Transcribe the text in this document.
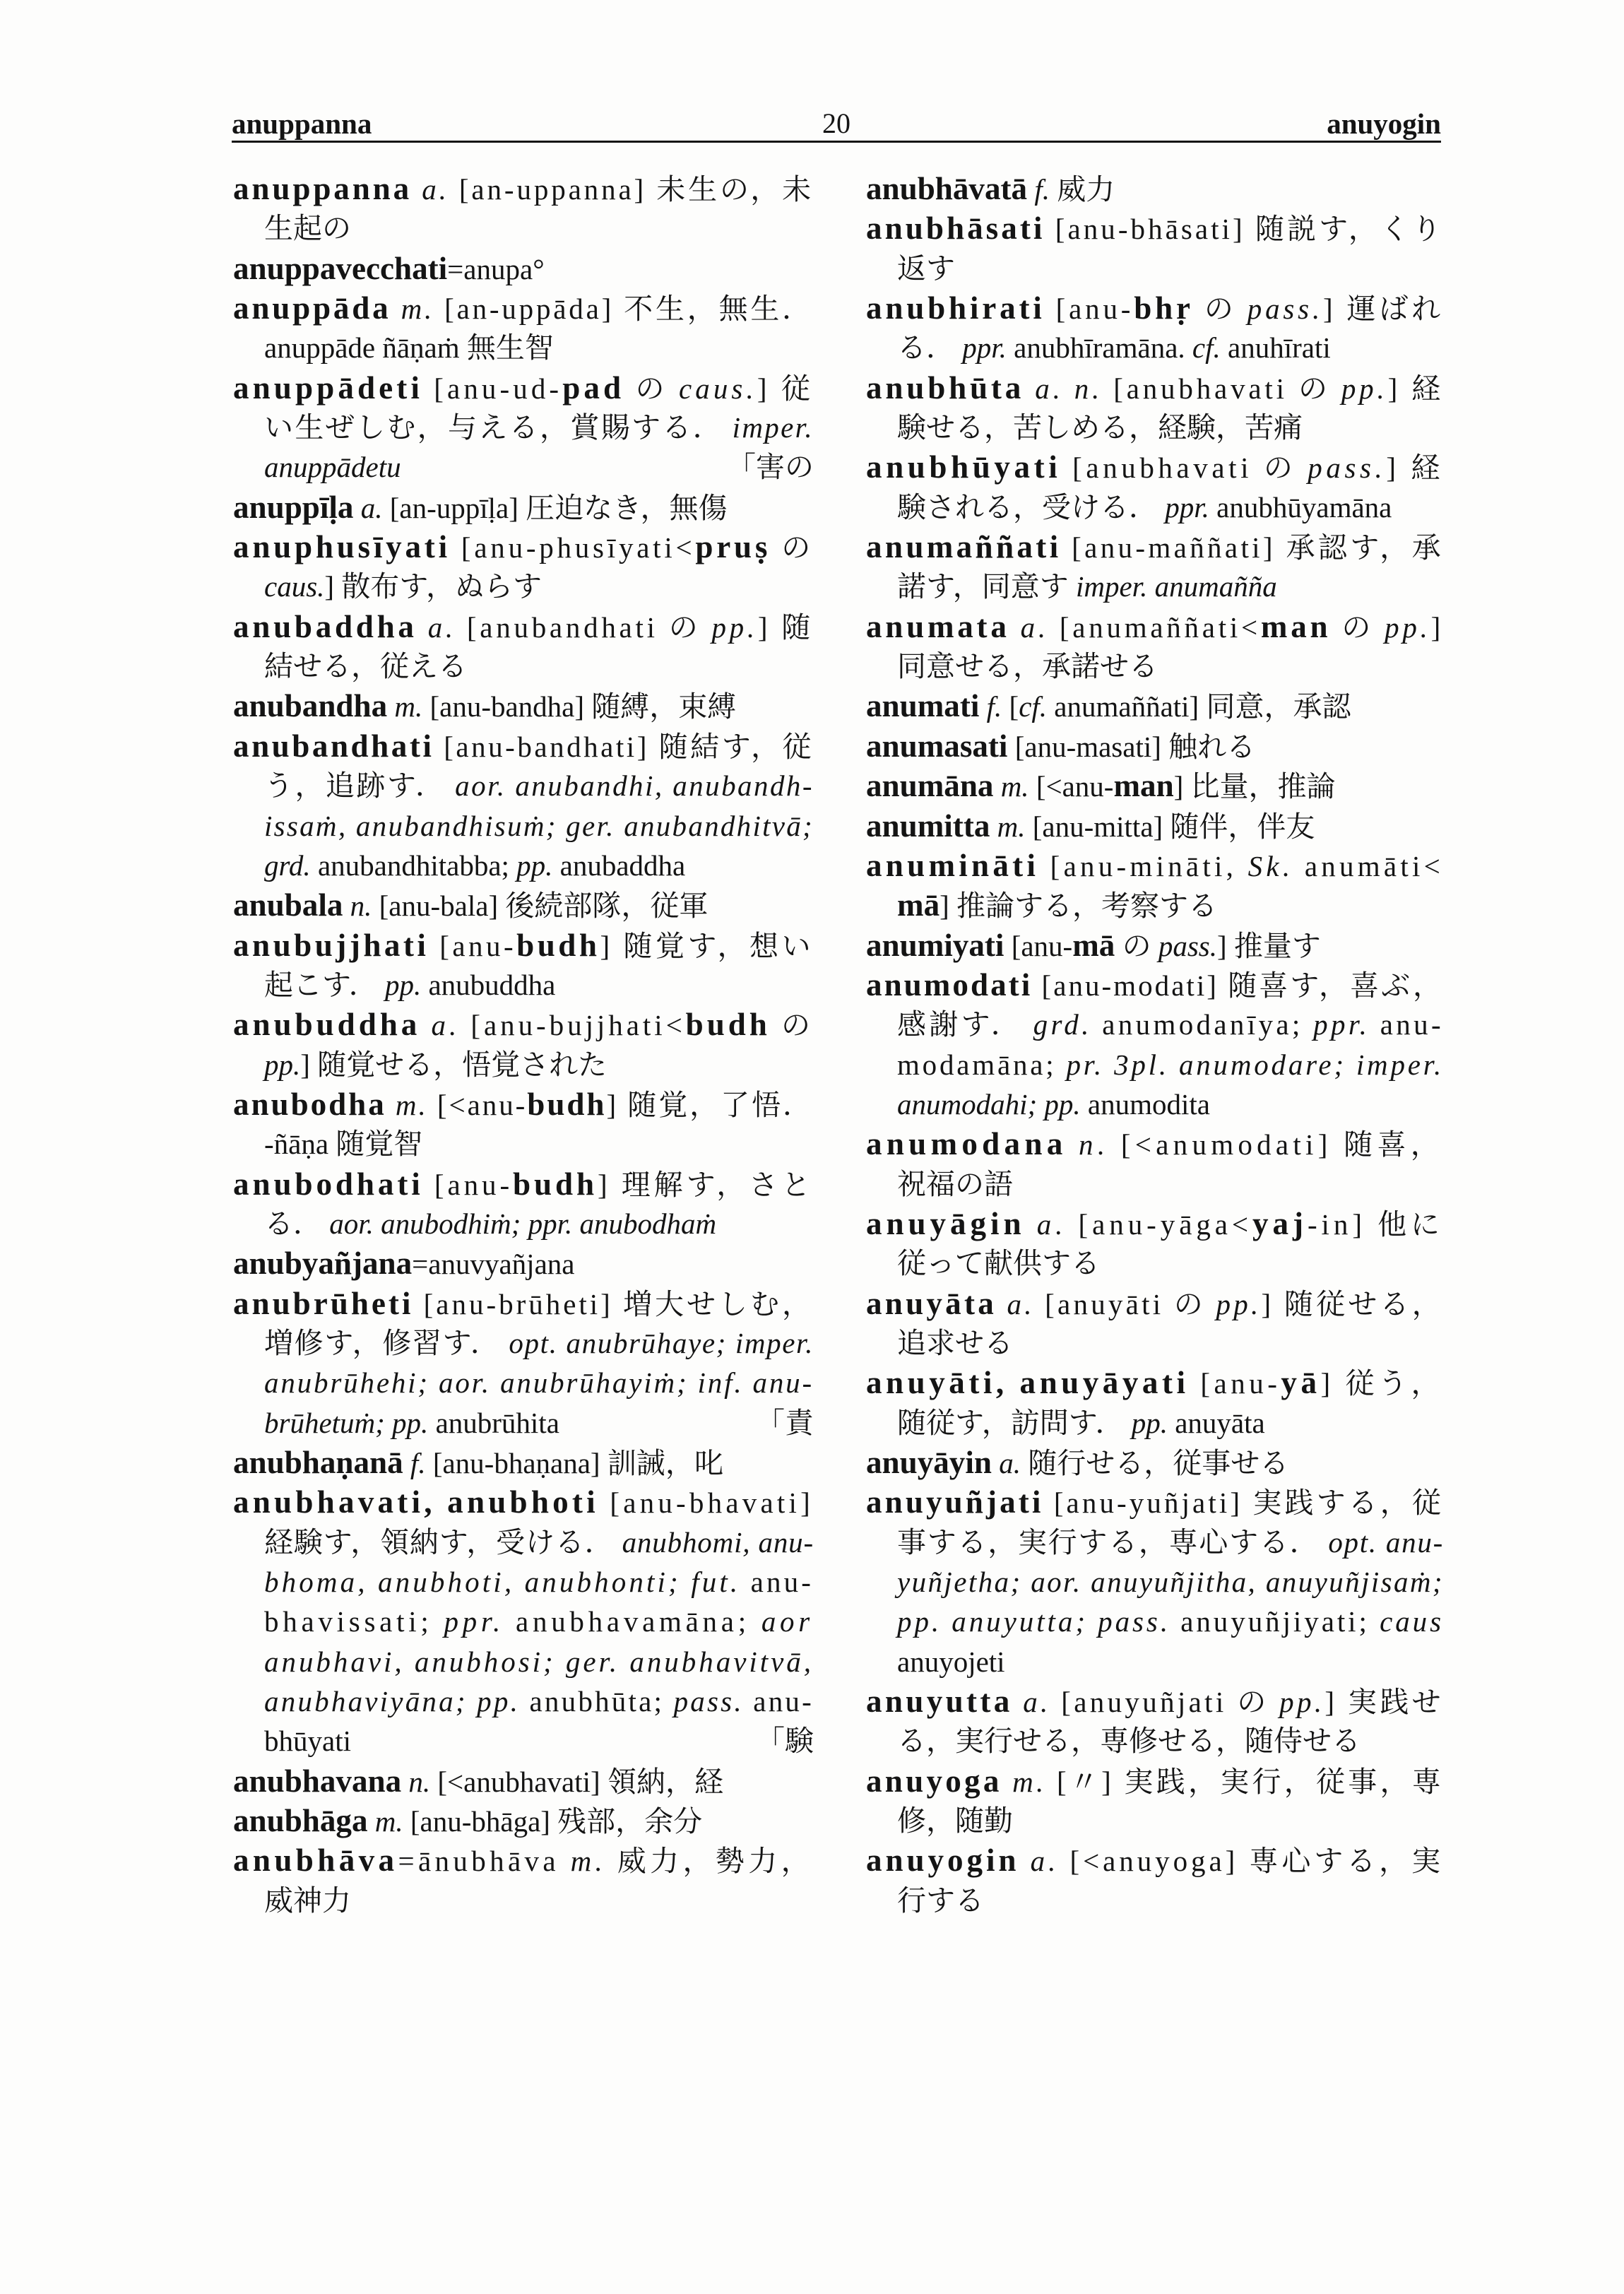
anuppanna	20	anuyogin
anuppanna a. [an-uppanna] 未生の，未
生起の
anuppavecchati=anupa°
anuppāda m. [an-uppāda] 不生，無生．
anuppāde ñāṇaṁ 無生智
anuppādeti [anu-ud-pad の caus.] 従
い生ぜしむ，与える，賞賜する． imper.
anuppādetu	「害の
anuppīḷa a. [an-uppīḷa] 圧迫なき，無傷
anuphusīyati [anu-phusīyati<pruṣ の
caus.] 散布す，ぬらす
anubaddha a. [anubandhati の pp.] 随
結せる，従える
anubandha m. [anu-bandha] 随縛，束縛
anubandhati [anu-bandhati] 随結す，従
う，追跡す． aor. anubandhi, anubandh-
issaṁ, anubandhisuṁ; ger. anubandhitvā;
grd. anubandhitabba; pp. anubaddha
anubala n. [anu-bala] 後続部隊，従軍
anubujjhati [anu-budh] 随覚す，想い
起こす． pp. anubuddha
anubuddha a. [anu-bujjhati<budh の
pp.] 随覚せる，悟覚された
anubodha m. [<anu-budh] 随覚，了悟．
-ñāṇa 随覚智
anubodhati [anu-budh] 理解す，さと
る． aor. anubodhiṁ; ppr. anubodhaṁ
anubyañjana=anuvyañjana
anubrūheti [anu-brūheti] 増大せしむ，
増修す，修習す． opt. anubrūhaye; imper.
anubrūhehi; aor. anubrūhayiṁ; inf. anu-
brūhetuṁ; pp. anubrūhita	「責
anubhaṇanā f. [anu-bhaṇana] 訓誡，叱
anubhavati, anubhoti [anu-bhavati]
経験す，領納す，受ける． anubhomi, anu-
bhoma, anubhoti, anubhonti; fut. anu-
bhavissati; ppr. anubhavamāna; aor
anubhavi, anubhosi; ger. anubhavitvā,
anubhaviyāna; pp. anubhūta; pass. anu-
bhūyati	「験
anubhavana n. [<anubhavati] 領納，経
anubhāga m. [anu-bhāga] 残部，余分
anubhāva=ānubhāva m. 威力，勢力，
威神力
anubhāvatā f. 威力
anubhāsati [anu-bhāsati] 随説す，くり
返す
anubhirati [anu-bhṛ の pass.] 運ばれ
る． ppr. anubhīramāna. cf. anuhīrati
anubhūta a. n. [anubhavati の pp.] 経
験せる，苦しめる，経験，苦痛
anubhūyati [anubhavati の pass.] 経
験される，受ける． ppr. anubhūyamāna
anumaññati [anu-maññati] 承認す，承
諾す，同意す imper. anumañña
anumata a. [anumaññati<man の pp.]
同意せる，承諾せる
anumati f. [cf. anumaññati] 同意，承認
anumasati [anu-masati] 触れる
anumāna m. [<anu-man] 比量，推論
anumitta m. [anu-mitta] 随伴，伴友
anumināti [anu-mināti, Sk. anumāti<
mā] 推論する，考察する
anumiyati [anu-mā の pass.] 推量す
anumodati [anu-modati] 随喜す，喜ぶ，
感謝す． grd. anumodanīya; ppr. anu-
modamāna; pr. 3pl. anumodare; imper.
anumodahi; pp. anumodita
anumodana n. [<anumodati] 随喜，
祝福の語
anuyāgin a. [anu-yāga<yaj-in] 他に
従って献供する
anuyāta a. [anuyāti の pp.] 随従せる，
追求せる
anuyāti, anuyāyati [anu-yā] 従う，
随従す，訪問す． pp. anuyāta
anuyāyin a. 随行せる，従事せる
anuyuñjati [anu-yuñjati] 実践する，従
事する，実行する，専心する． opt. anu-
yuñjetha; aor. anuyuñjitha, anuyuñjisaṁ;
pp. anuyutta; pass. anuyuñjiyati; caus
anuyojeti
anuyutta a. [anuyuñjati の pp.] 実践せ
る，実行せる，専修せる，随侍せる
anuyoga m. [〃] 実践，実行，従事，専
修，随勤
anuyogin a. [<anuyoga] 専心する，実
行する
